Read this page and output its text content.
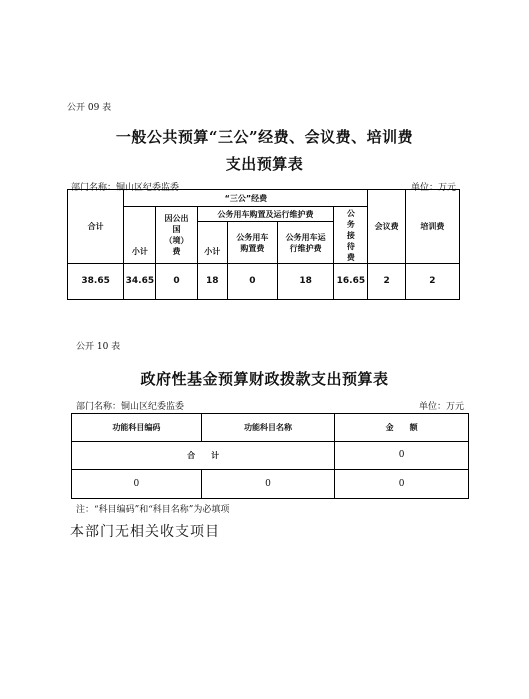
公开 09 表
一般公共预算“三公”经费、会议费、培训费
支出预算表
部门名称：铜山区纪委监委	单位：万元
合计	“三公”经费						会议费	培训费
	小计	因公出国（境）费	公务用车购置及运行维护费			公务接待费		
			小计	公务用车购置费	公务用车运行维护费			
38.65	34.65	0	18	0	18	16.65	2	2
公开 10 表
政府性基金预算财政拨款支出预算表
部门名称：铜山区纪委监委	单位：万元
功能科目编码	功能科目名称	金　　额
合　　计		0
0	0	0
注：“科目编码”和“科目名称”为必填项
本部门无相关收支项目
